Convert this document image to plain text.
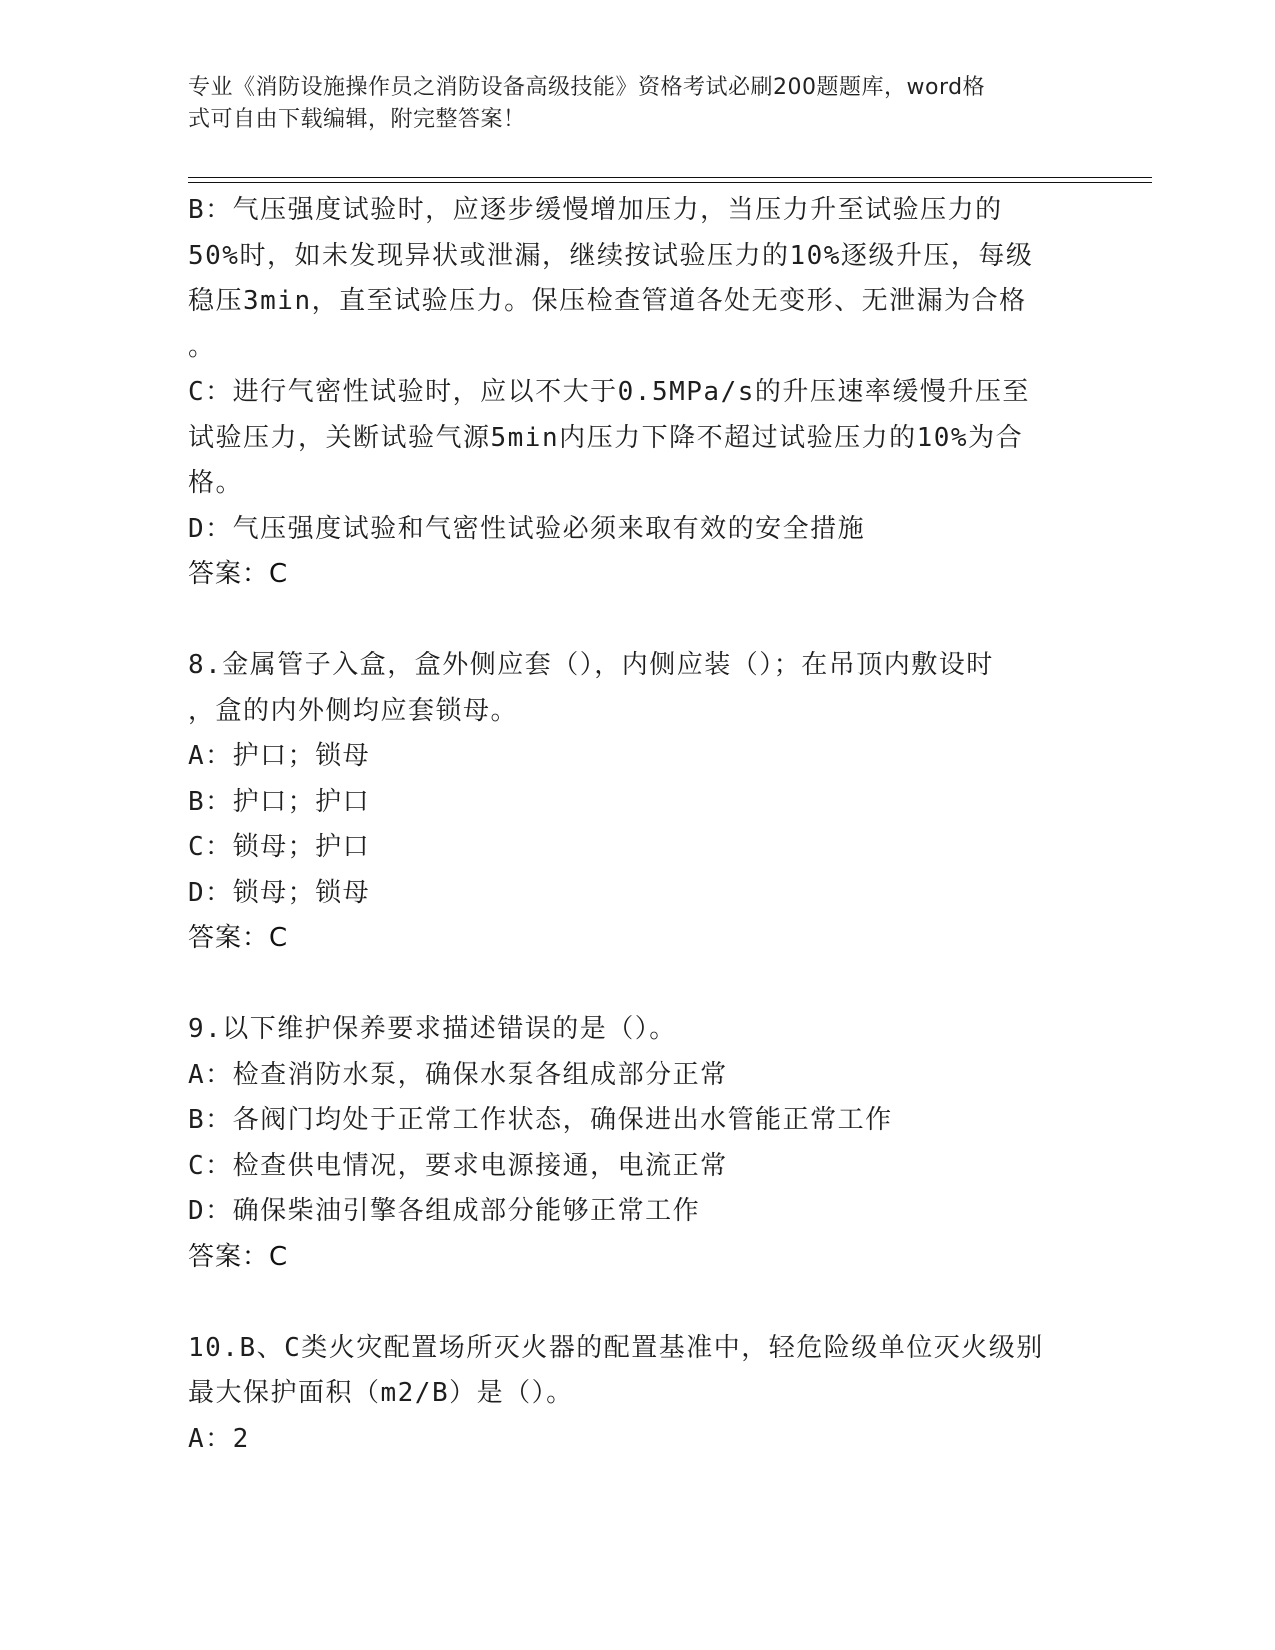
专业《消防设施操作员之消防设备高级技能》资格考试必刷200题题库，word格
式可自由下载编辑，附完整答案！
B：气压强度试验时，应逐步缓慢增加压力，当压力升至试验压力的
50%时，如未发现异状或泄漏，继续按试验压力的10%逐级升压，每级
稳压3min，直至试验压力。保压检查管道各处无变形、无泄漏为合格
。
C：进行气密性试验时，应以不大于0.5MPa/s的升压速率缓慢升压至
试验压力，关断试验气源5min内压力下降不超过试验压力的10%为合
格。
D：气压强度试验和气密性试验必须来取有效的安全措施
答案：C
8.金属管子入盒，盒外侧应套（），内侧应装（）；在吊顶内敷设时
，盒的内外侧均应套锁母。
A：护口；锁母
B：护口；护口
C：锁母；护口
D：锁母；锁母
答案：C
9.以下维护保养要求描述错误的是（）。
A：检查消防水泵，确保水泵各组成部分正常
B：各阀门均处于正常工作状态，确保进出水管能正常工作
C：检查供电情况，要求电源接通，电流正常
D：确保柴油引擎各组成部分能够正常工作
答案：C
10.B、C类火灾配置场所灭火器的配置基准中，轻危险级单位灭火级别
最大保护面积（m2/B）是（）。
A：2
